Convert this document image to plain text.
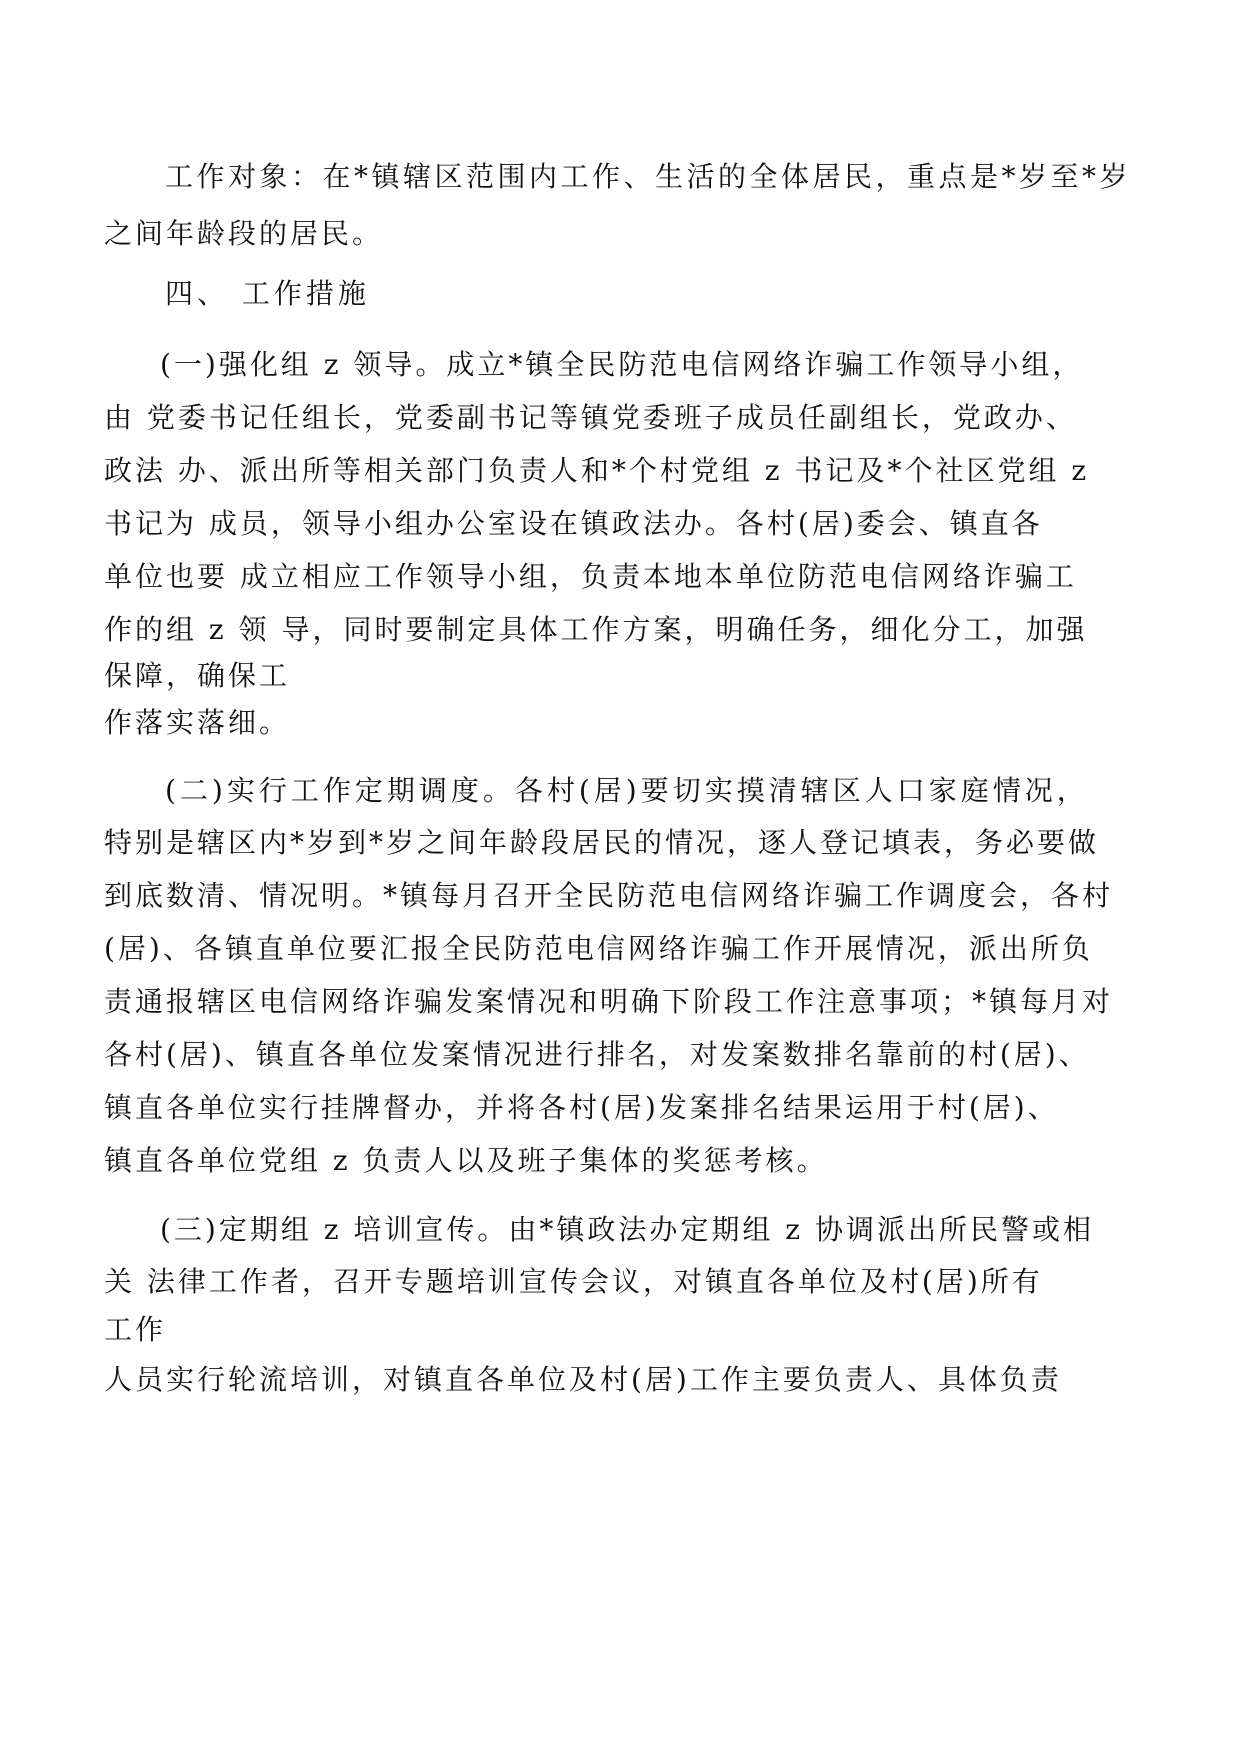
工作对象：在*镇辖区范围内工作、生活的全体居民，重点是*岁至*岁
之间年龄段的居民。
四、 工作措施
(一)强化组 z 领导。成立*镇全民防范电信网络诈骗工作领导小组，
由 党委书记任组长，党委副书记等镇党委班子成员任副组长，党政办、
政法 办、派出所等相关部门负责人和*个村党组 z 书记及*个社区党组 z
书记为 成员，领导小组办公室设在镇政法办。各村(居)委会、镇直各
单位也要 成立相应工作领导小组，负责本地本单位防范电信网络诈骗工
作的组 z 领 导，同时要制定具体工作方案，明确任务，细化分工，加强
保障，确保工
作落实落细。
(二)实行工作定期调度。各村(居)要切实摸清辖区人口家庭情况，
特别是辖区内*岁到*岁之间年龄段居民的情况，逐人登记填表，务必要做
到底数清、情况明。*镇每月召开全民防范电信网络诈骗工作调度会，各村
(居)、各镇直单位要汇报全民防范电信网络诈骗工作开展情况，派出所负
责通报辖区电信网络诈骗发案情况和明确下阶段工作注意事项；*镇每月对
各村(居)、镇直各单位发案情况进行排名，对发案数排名靠前的村(居)、
镇直各单位实行挂牌督办，并将各村(居)发案排名结果运用于村(居)、
镇直各单位党组 z 负责人以及班子集体的奖惩考核。
(三)定期组 z 培训宣传。由*镇政法办定期组 z 协调派出所民警或相
关 法律工作者，召开专题培训宣传会议，对镇直各单位及村(居)所有
工作
人员实行轮流培训，对镇直各单位及村(居)工作主要负责人、具体负责
